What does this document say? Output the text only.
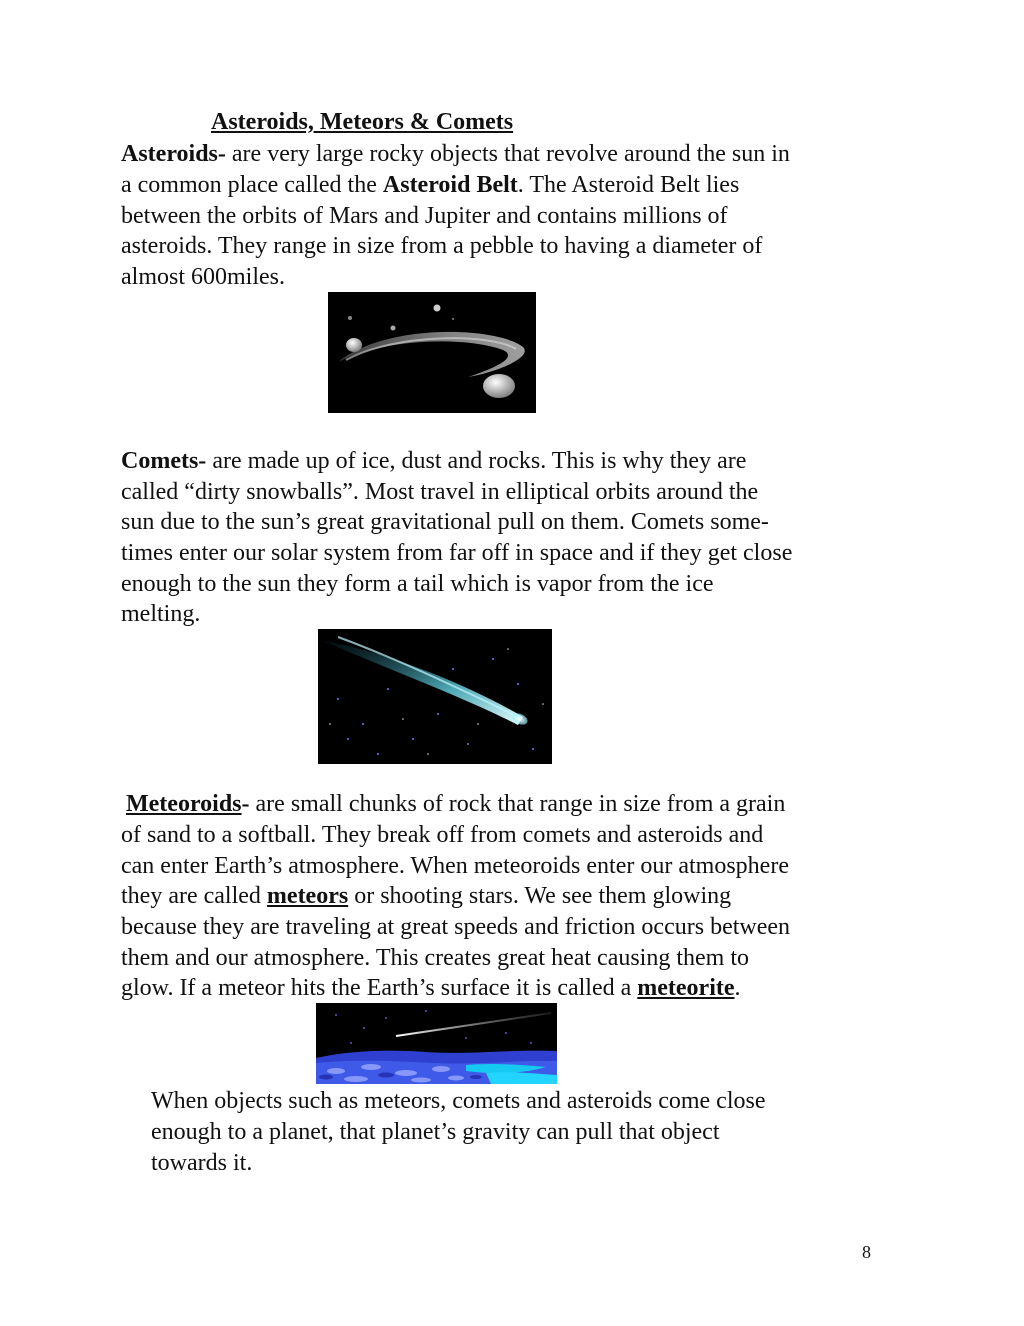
Asteroids, Meteors & Comets
Asteroids- are very large rocky objects that revolve around the sun in
a common place called the Asteroid Belt. The Asteroid Belt lies
between the orbits of Mars and Jupiter and contains millions of
asteroids. They range in size from a pebble to having a diameter of
almost 600miles.
Comets- are made up of ice, dust and rocks. This is why they are
called “dirty snowballs”. Most travel in elliptical orbits around the
sun due to the sun’s great gravitational pull on them. Comets some-
times enter our solar system from far off in space and if they get close
enough to the sun they form a tail which is vapor from the ice
melting.
Meteoroids- are small chunks of rock that range in size from a grain
of sand to a softball. They break off from comets and asteroids and
can enter Earth’s atmosphere. When meteoroids enter our atmosphere
they are called meteors or shooting stars. We see them glowing
because they are traveling at great speeds and friction occurs between
them and our atmosphere. This creates great heat causing them to
glow. If a meteor hits the Earth’s surface it is called a meteorite.
When objects such as meteors, comets and asteroids come close
enough to a planet, that planet’s gravity can pull that object
towards it.
8
